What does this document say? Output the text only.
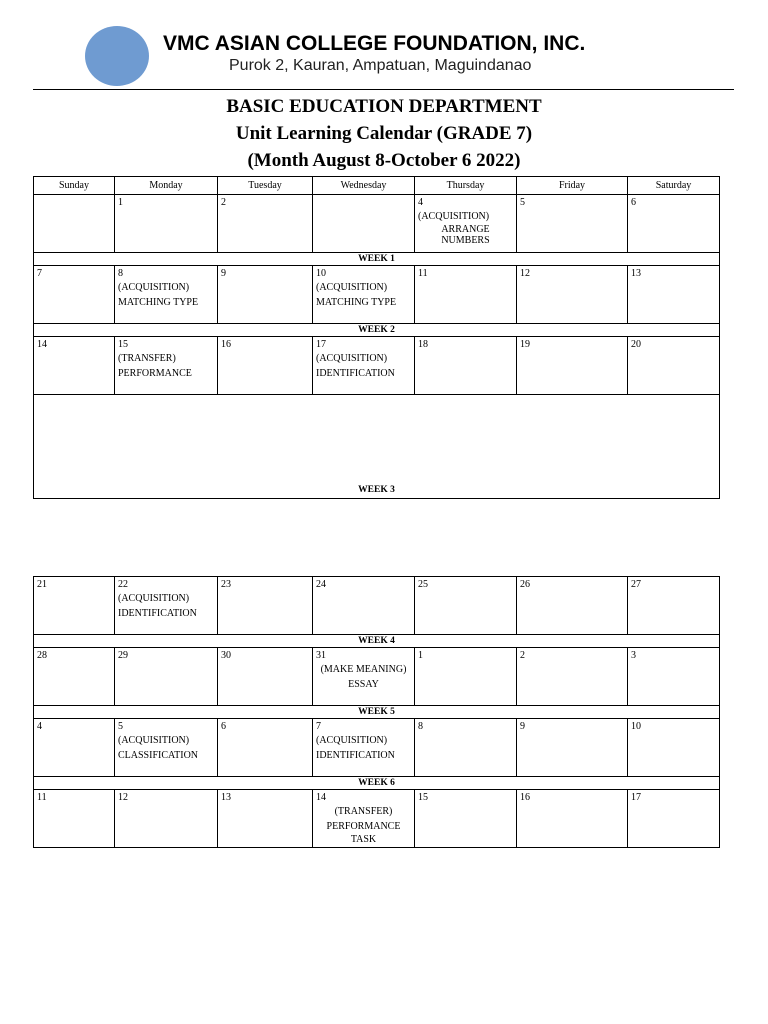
VMC ASIAN COLLEGE FOUNDATION, INC.
Purok 2, Kauran, Ampatuan, Maguindanao
BASIC EDUCATION DEPARTMENT
Unit Learning Calendar (GRADE 7)
(Month August 8-October 6 2022)
Sunday	Monday	Tuesday	Wednesday	Thursday	Friday	Saturday

	1	2		4
(ACQUISITION)
ARRANGE
NUMBERS	5	6

WEEK 1						

7	8
(ACQUISITION)
MATCHING TYPE	9	10
(ACQUISITION)
MATCHING TYPE	11	12	13

WEEK 2						

14	15
(TRANSFER)
PERFORMANCE	16	17
(ACQUISITION)
IDENTIFICATION	18	19	20

WEEK 3						
21	22
(ACQUISITION)
IDENTIFICATION	23	24	25	26	27

WEEK 4						

28	29	30	31
(MAKE MEANING)
ESSAY	1	2	3

WEEK 5						

4	5
(ACQUISITION)
CLASSIFICATION	6	7
(ACQUISITION)
IDENTIFICATION	8	9	10

WEEK 6						

11	12	13	14
(TRANSFER)
PERFORMANCE
TASK	15	16	17
